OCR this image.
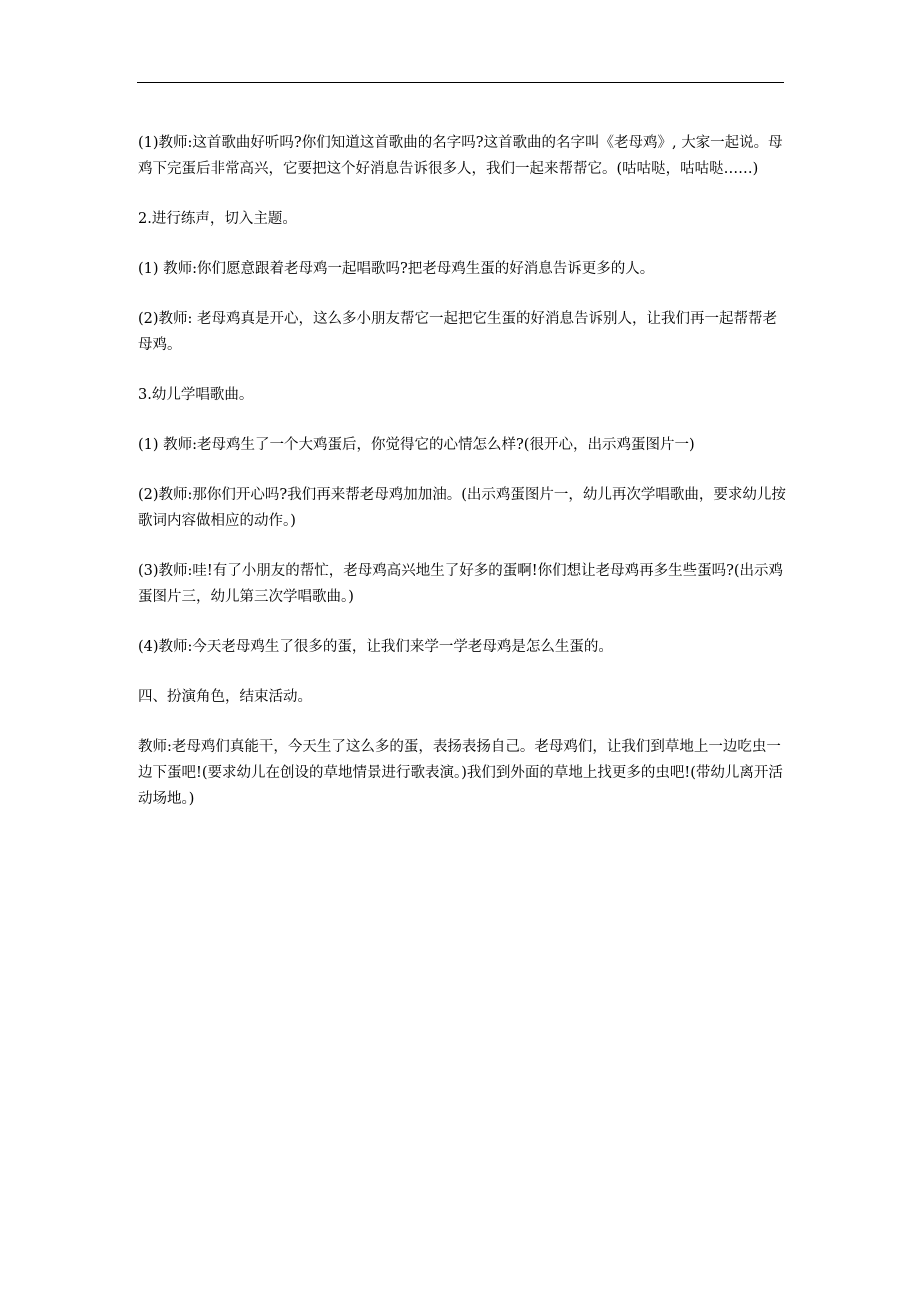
(1)教师:这首歌曲好听吗?你们知道这首歌曲的名字吗?这首歌曲的名字叫《老母鸡》, 大家一起说。母鸡下完蛋后非常高兴，它要把这个好消息告诉很多人，我们一起来帮帮它。(咕咕哒，咕咕哒……)

2.进行练声，切入主题。

(1) 教师:你们愿意跟着老母鸡一起唱歌吗?把老母鸡生蛋的好消息告诉更多的人。

(2)教师: 老母鸡真是开心，这么多小朋友帮它一起把它生蛋的好消息告诉别人，让我们再一起帮帮老母鸡。

3.幼儿学唱歌曲。

(1) 教师:老母鸡生了一个大鸡蛋后，你觉得它的心情怎么样?(很开心，出示鸡蛋图片一)

(2)教师:那你们开心吗?我们再来帮老母鸡加加油。(出示鸡蛋图片一，幼儿再次学唱歌曲，要求幼儿按歌词内容做相应的动作。)

(3)教师:哇!有了小朋友的帮忙，老母鸡高兴地生了好多的蛋啊!你们想让老母鸡再多生些蛋吗?(出示鸡蛋图片三，幼儿第三次学唱歌曲。)

(4)教师:今天老母鸡生了很多的蛋，让我们来学一学老母鸡是怎么生蛋的。

四、扮演角色，结束活动。

教师:老母鸡们真能干，今天生了这么多的蛋，表扬表扬自己。老母鸡们，让我们到草地上一边吃虫一边下蛋吧!(要求幼儿在创设的草地情景进行歌表演。)我们到外面的草地上找更多的虫吧!(带幼儿离开活动场地。)
